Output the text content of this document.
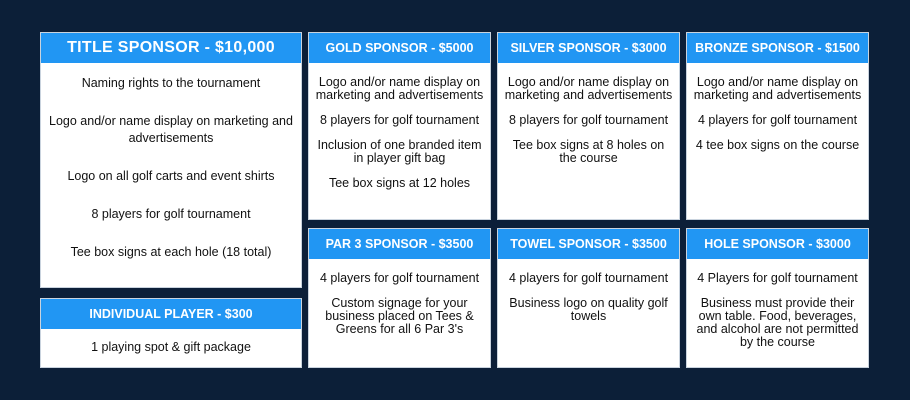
TITLE SPONSOR - $10,000
Naming rights to the tournament
Logo and/or name display on marketing and advertisements
Logo on all golf carts and event shirts
8 players for golf tournament
Tee box signs at each hole (18 total)
INDIVIDUAL PLAYER - $300
1 playing spot & gift package
GOLD SPONSOR - $5000
Logo and/or name display on marketing and advertisements
8 players for golf tournament
Inclusion of one branded item in player gift bag
Tee box signs at 12 holes
SILVER SPONSOR - $3000
Logo and/or name display on marketing and advertisements
8 players for golf tournament
Tee box signs at 8 holes on the course
BRONZE SPONSOR - $1500
Logo and/or name display on marketing and advertisements
4 players for golf tournament
4 tee box signs on the course
PAR 3 SPONSOR - $3500
4 players for golf tournament
Custom signage for your business placed on Tees & Greens for all 6 Par 3's
TOWEL SPONSOR - $3500
4 players for golf tournament
Business logo on quality golf towels
HOLE SPONSOR - $3000
4 Players for golf tournament
Business must provide their own table. Food, beverages, and alcohol are not permitted by the course
